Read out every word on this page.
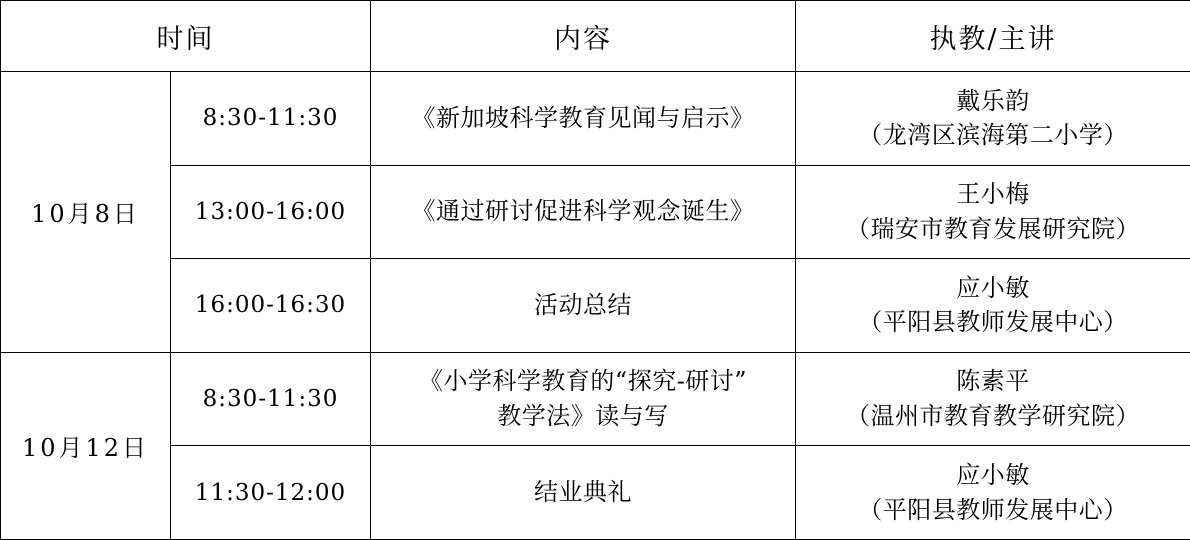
时间		内容	执教/主讲
10月8日	8:30-11:30	《新加坡科学教育见闻与启示》	戴乐韵
（龙湾区滨海第二小学）

	13:00-16:00	《通过研讨促进科学观念诞生》	王小梅
（瑞安市教育发展研究院）

	16:00-16:30	活动总结	应小敏
（平阳县教师发展中心）

10月12日	8:30-11:30	《小学科学教育的“探究-研讨”
教学法》读与写	陈素平
（温州市教育教学研究院）

	11:30-12:00	结业典礼	应小敏
（平阳县教师发展中心）
